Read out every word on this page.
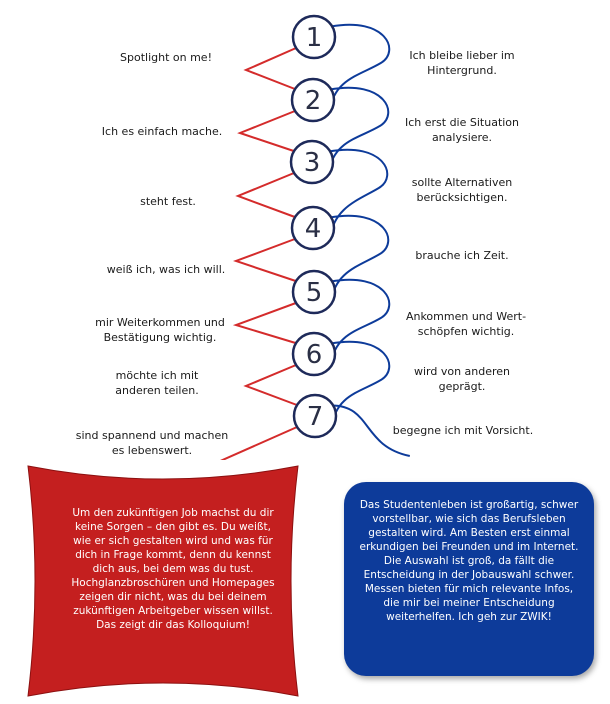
1
2
3
4
5
6
7
Spotlight on me!
Ich es einfach mache.
steht fest.
weiß ich, was ich will.
mir Weiterkommen und
Bestätigung wichtig.
möchte ich mit
anderen teilen.
sind spannend und machen
es lebenswert.
Ich bleibe lieber im
Hintergrund.
Ich erst die Situation
analysiere.
sollte Alternativen
berücksichtigen.
brauche ich Zeit.
Ankommen und Wert-
schöpfen wichtig.
wird von anderen
geprägt.
begegne ich mit Vorsicht.
Um den zukünftigen Job machst du dir keine Sorgen – den gibt es. Du weißt, wie er sich gestalten wird und was für dich in Frage kommt, denn du kennst dich aus, bei dem was du tust. Hochglanzbroschüren und Homepages zeigen dir nicht, was du bei deinem zukünftigen Arbeitgeber wissen willst. Das zeigt dir das Kolloquium!
Das Studentenleben ist großartig, schwer vorstellbar, wie sich das Berufsleben gestalten wird. Am Besten erst einmal erkundigen bei Freunden und im Internet. Die Auswahl ist groß, da fällt die Entscheidung in der Jobauswahl schwer. Messen bieten für mich relevante Infos, die mir bei meiner Entscheidung weiterhelfen. Ich geh zur ZWIK!
